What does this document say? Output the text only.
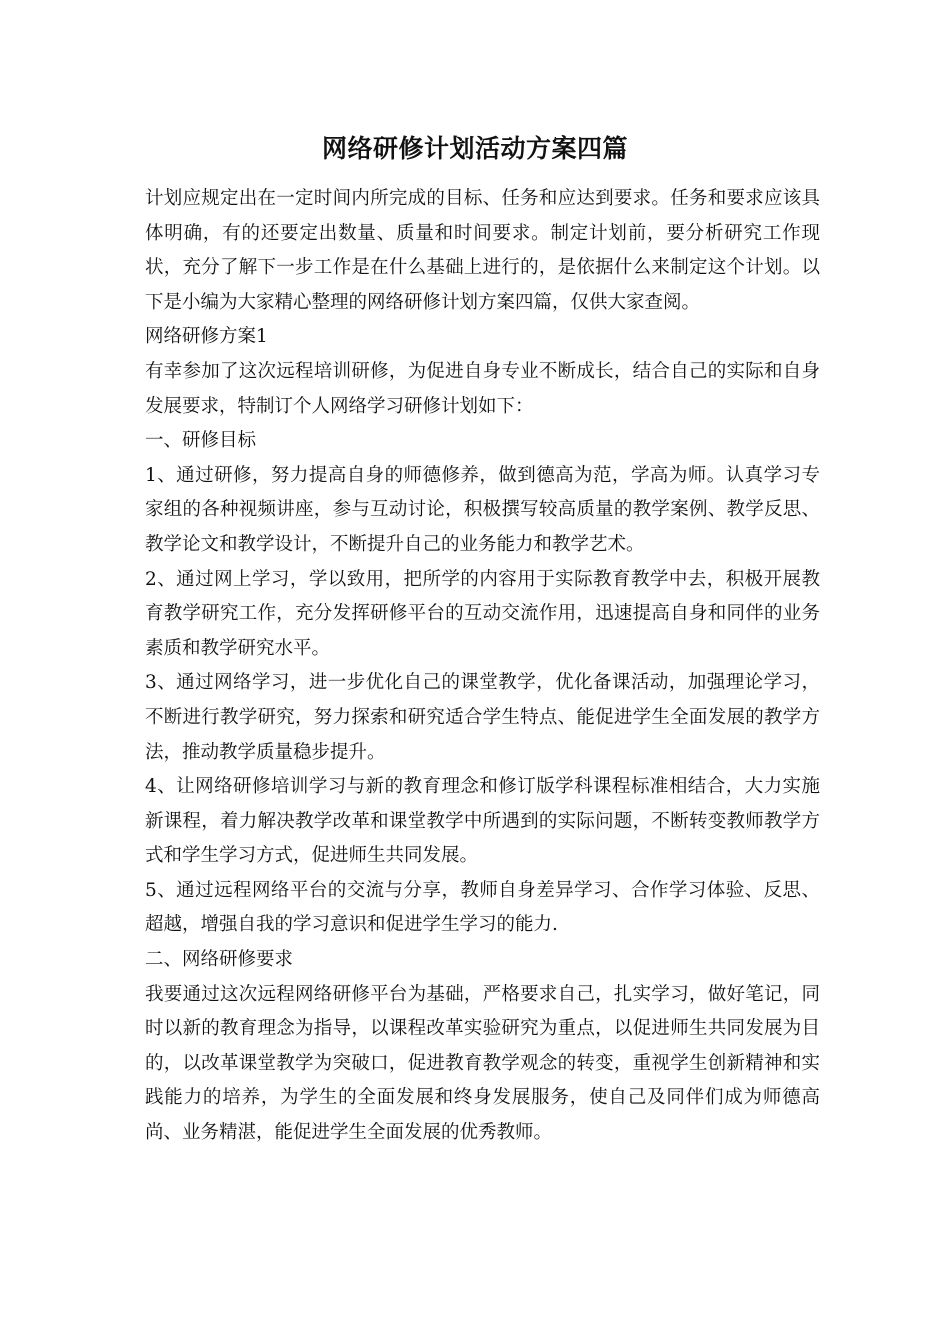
网络研修计划活动方案四篇

计划应规定出在一定时间内所完成的目标、任务和应达到要求。任务和要求应该具体明确，有的还要定出数量、质量和时间要求。制定计划前，要分析研究工作现状，充分了解下一步工作是在什么基础上进行的，是依据什么来制定这个计划。以下是小编为大家精心整理的网络研修计划方案四篇，仅供大家查阅。

网络研修方案1

有幸参加了这次远程培训研修，为促进自身专业不断成长，结合自己的实际和自身发展要求，特制订个人网络学习研修计划如下：

一、研修目标

1、通过研修，努力提高自身的师德修养，做到德高为范，学高为师。认真学习专家组的各种视频讲座，参与互动讨论，积极撰写较高质量的教学案例、教学反思、教学论文和教学设计，不断提升自己的业务能力和教学艺术。

2、通过网上学习，学以致用，把所学的内容用于实际教育教学中去，积极开展教育教学研究工作，充分发挥研修平台的互动交流作用，迅速提高自身和同伴的业务素质和教学研究水平。

3、通过网络学习，进一步优化自己的课堂教学，优化备课活动，加强理论学习，不断进行教学研究，努力探索和研究适合学生特点、能促进学生全面发展的教学方法，推动教学质量稳步提升。

4、让网络研修培训学习与新的教育理念和修订版学科课程标准相结合，大力实施新课程，着力解决教学改革和课堂教学中所遇到的实际问题，不断转变教师教学方式和学生学习方式，促进师生共同发展。

5、通过远程网络平台的交流与分享，教师自身差异学习、合作学习体验、反思、超越，增强自我的学习意识和促进学生学习的能力.

二、网络研修要求

我要通过这次远程网络研修平台为基础，严格要求自己，扎实学习，做好笔记，同时以新的教育理念为指导，以课程改革实验研究为重点，以促进师生共同发展为目的，以改革课堂教学为突破口，促进教育教学观念的转变，重视学生创新精神和实践能力的培养，为学生的全面发展和终身发展服务，使自己及同伴们成为师德高尚、业务精湛，能促进学生全面发展的优秀教师。
